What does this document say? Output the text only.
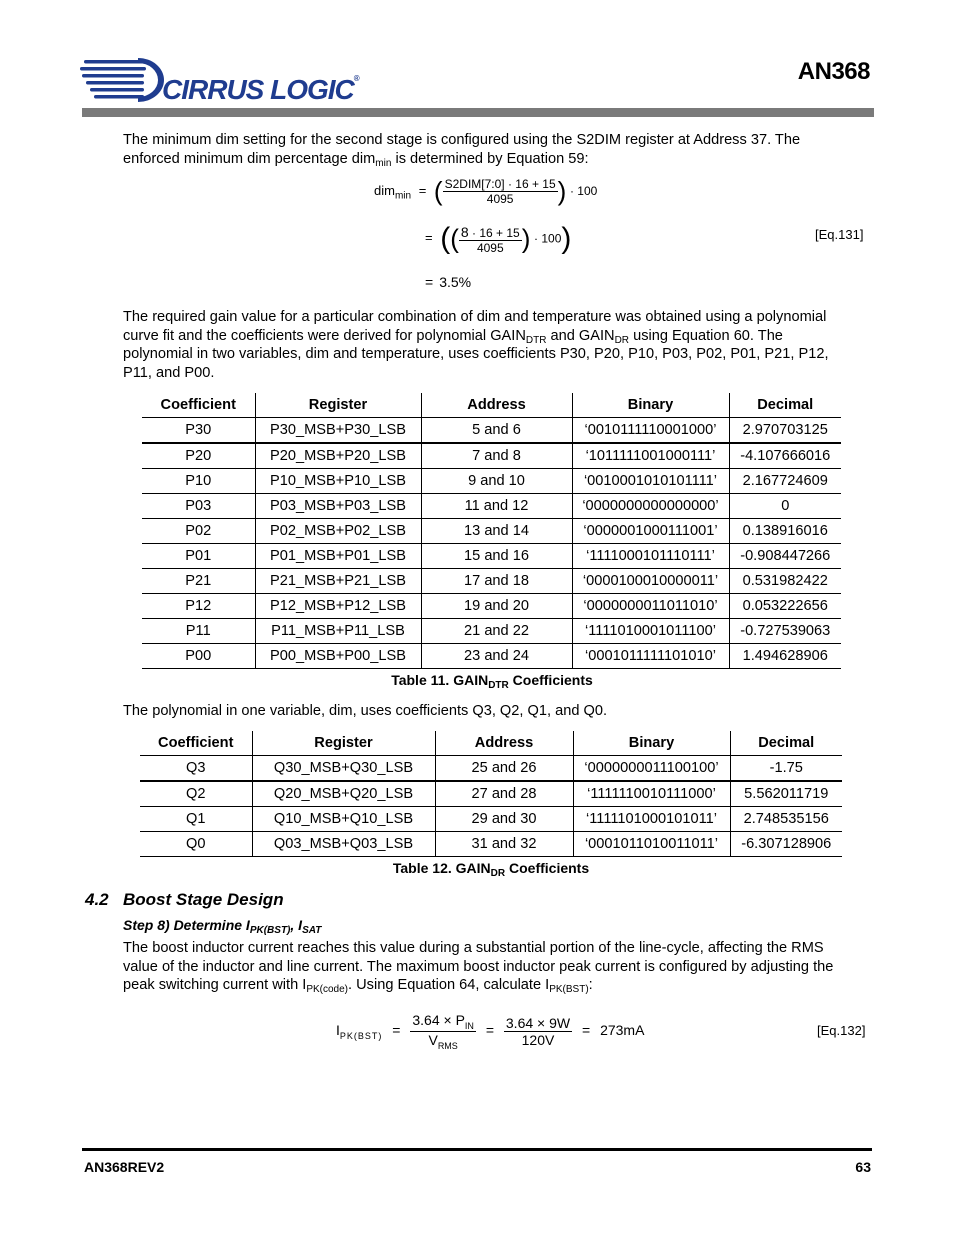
CIRRUS LOGIC®	AN368
The minimum dim setting for the second stage is configured using the S2DIM register at Address 37. The
enforced minimum dim percentage dim$_{min}$ is determined by Equation 59:
dim$_{min}$ = ( $\frac{\text{S2DIM[7:0] · 16 + 15}}{4095}$ ) · 100
= (( $\frac{8 \cdot 16 + 15}{4095}$ ) · 100)	[Eq.131]
= 3.5%
The required gain value for a particular combination of dim and temperature was obtained using a polynomial
curve fit and the coefficients were derived for polynomial $GAIN_{DTR}$ and $GAIN_{DR}$ using Equation 60. The
polynomial in two variables, dim and temperature, uses coefficients P30, P20, P10, P03, P02, P01, P21, P12,
P11, and P00.
Coefficient	Register	Address	Binary	Decimal
P30	P30_MSB+P30_LSB	5 and 6	‘0010111110001000’	2.970703125
P20	P20_MSB+P20_LSB	7 and 8	‘1011111001000111’	-4.107666016
P10	P10_MSB+P10_LSB	9 and 10	‘0010001010101111’	2.167724609
P03	P03_MSB+P03_LSB	11 and 12	‘0000000000000000’	0
P02	P02_MSB+P02_LSB	13 and 14	‘0000001000111001’	0.138916016
P01	P01_MSB+P01_LSB	15 and 16	‘1111000101110111’	-0.908447266
P21	P21_MSB+P21_LSB	17 and 18	‘0000100010000011’	0.531982422
P12	P12_MSB+P12_LSB	19 and 20	‘0000000011011010’	0.053222656
P11	P11_MSB+P11_LSB	21 and 22	‘1111010001011100’	-0.727539063
P00	P00_MSB+P00_LSB	23 and 24	‘0001011111101010’	1.494628906
Table 11. $GAIN_{DTR}$ Coefficients
The polynomial in one variable, dim, uses coefficients Q3, Q2, Q1, and Q0.
Coefficient	Register	Address	Binary	Decimal
Q3	Q30_MSB+Q30_LSB	25 and 26	‘0000000011100100’	-1.75
Q2	Q20_MSB+Q20_LSB	27 and 28	‘1111110010111000’	5.562011719
Q1	Q10_MSB+Q10_LSB	29 and 30	‘1111101000101011’	2.748535156
Q0	Q03_MSB+Q03_LSB	31 and 32	‘0001011010011011’	-6.307128906
Table 12. $GAIN_{DR}$ Coefficients
4.2 Boost Stage Design
Step 8) Determine $I_{PK(BST)}$, $I_{SAT}$
The boost inductor current reaches this value during a substantial portion of the line-cycle, affecting the RMS
value of the inductor and line current. The maximum boost inductor peak current is configured by adjusting the
peak switching current with $I_{PK(code)}$. Using Equation 64, calculate $I_{PK(BST)}$:
$I_{PK(BST)} = \frac{3.64 \times P_{IN}}{V_{RMS}} = \frac{3.64 \times 9W}{120V} = 273mA$	[Eq.132]
AN368REV2	63
